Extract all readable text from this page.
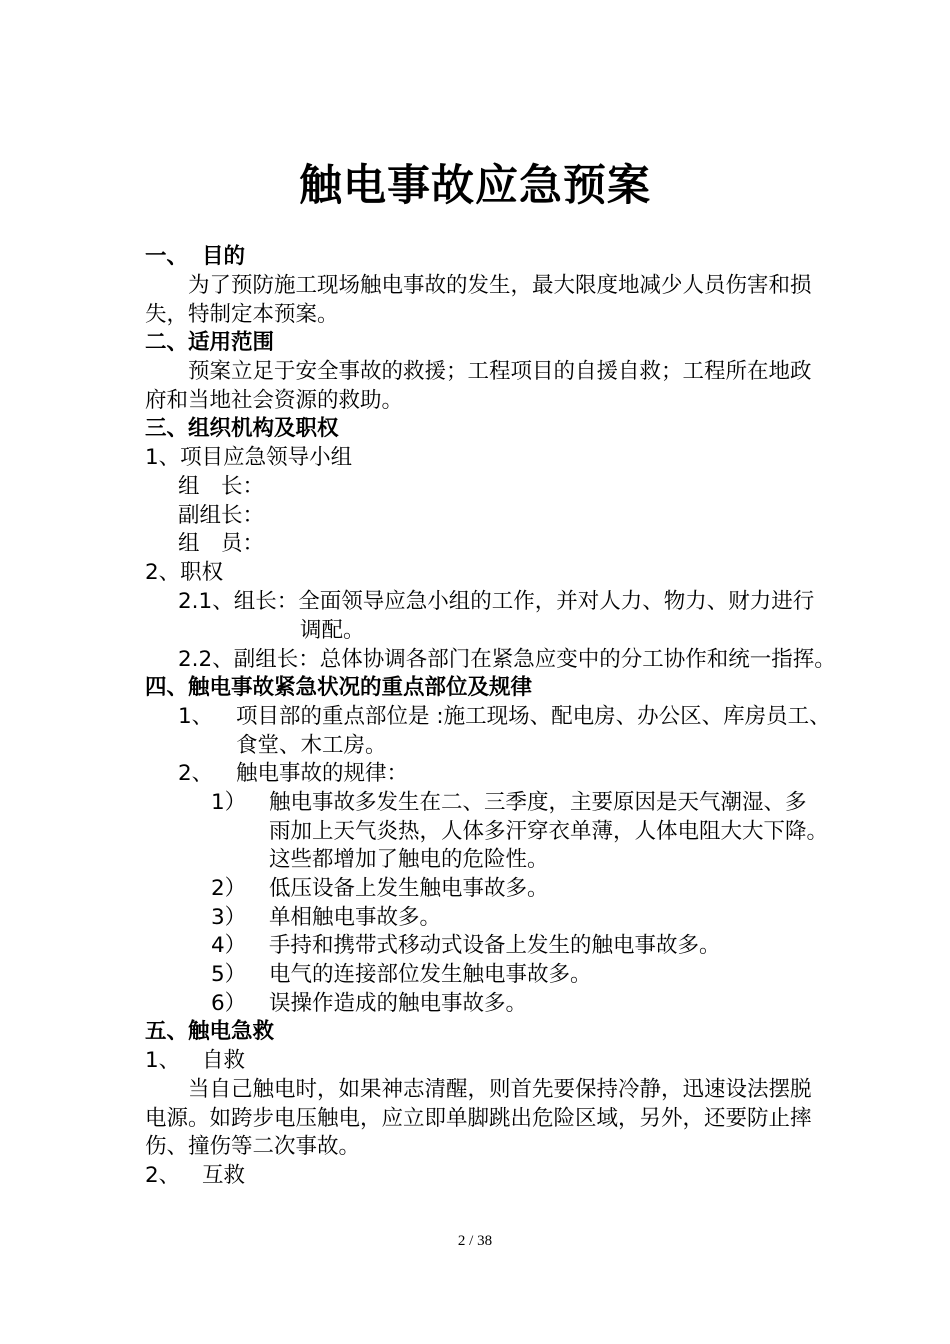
触电事故应急预案
一、 目的
为了预防施工现场触电事故的发生，最大限度地减少人员伤害和损
失，特制定本预案。
二、适用范围
预案立足于安全事故的救援；工程项目的自援自救；工程所在地政
府和当地社会资源的救助。
三、组织机构及职权
1、项目应急领导小组
组　长：
副组长：
组　员：
2、职权
2.1、组长：全面领导应急小组的工作，并对人力、物力、财力进行
调配。
2.2、副组长：总体协调各部门在紧急应变中的分工协作和统一指挥。
四、触电事故紧急状况的重点部位及规律
1、 项目部的重点部位是 :施工现场、配电房、办公区、库房员工、
食堂、木工房。
2、 触电事故的规律：
1） 触电事故多发生在二、三季度，主要原因是天气潮湿、多
雨加上天气炎热，人体多汗穿衣单薄，人体电阻大大下降。
这些都增加了触电的危险性。
2） 低压设备上发生触电事故多。
3） 单相触电事故多。
4） 手持和携带式移动式设备上发生的触电事故多。
5） 电气的连接部位发生触电事故多。
6） 误操作造成的触电事故多。
五、触电急救
1、 自救
当自己触电时，如果神志清醒，则首先要保持冷静，迅速设法摆脱
电源。如跨步电压触电，应立即单脚跳出危险区域，另外，还要防止摔
伤、撞伤等二次事故。
2、 互救
2 / 38
